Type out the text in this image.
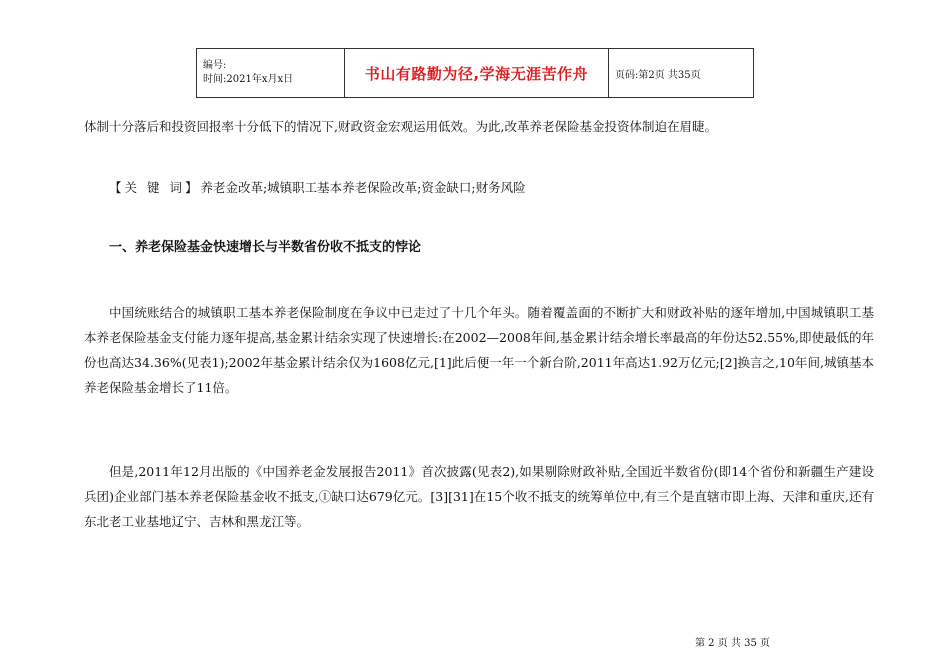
编号:
时间:2021年x月x日	书山有路勤为径,学海无涯苦作舟	页码:第2页 共35页

体制十分落后和投资回报率十分低下的情况下,财政资金宏观运用低效。为此,改革养老保险基金投资体制迫在眉睫。

【关 键 词】养老金改革;城镇职工基本养老保险改革;资金缺口;财务风险

一、养老保险基金快速增长与半数省份收不抵支的悖论

中国统账结合的城镇职工基本养老保险制度在争议中已走过了十几个年头。随着覆盖面的不断扩大和财政补贴的逐年增加,中国城镇职工基本养老保险基金支付能力逐年提高,基金累计结余实现了快速增长:在2002—2008年间,基金累计结余增长率最高的年份达52.55%,即使最低的年份也高达34.36%(见表1);2002年基金累计结余仅为1608亿元,[1]此后便一年一个新台阶,2011年高达1.92万亿元;[2]换言之,10年间,城镇基本养老保险基金增长了11倍。

但是,2011年12月出版的《中国养老金发展报告2011》首次披露(见表2),如果剔除财政补贴,全国近半数省份(即14个省份和新疆生产建设兵团)企业部门基本养老保险基金收不抵支,①缺口达679亿元。[3][31]在15个收不抵支的统筹单位中,有三个是直辖市即上海、天津和重庆,还有东北老工业基地辽宁、吉林和黑龙江等。

第 2 页 共 35 页
